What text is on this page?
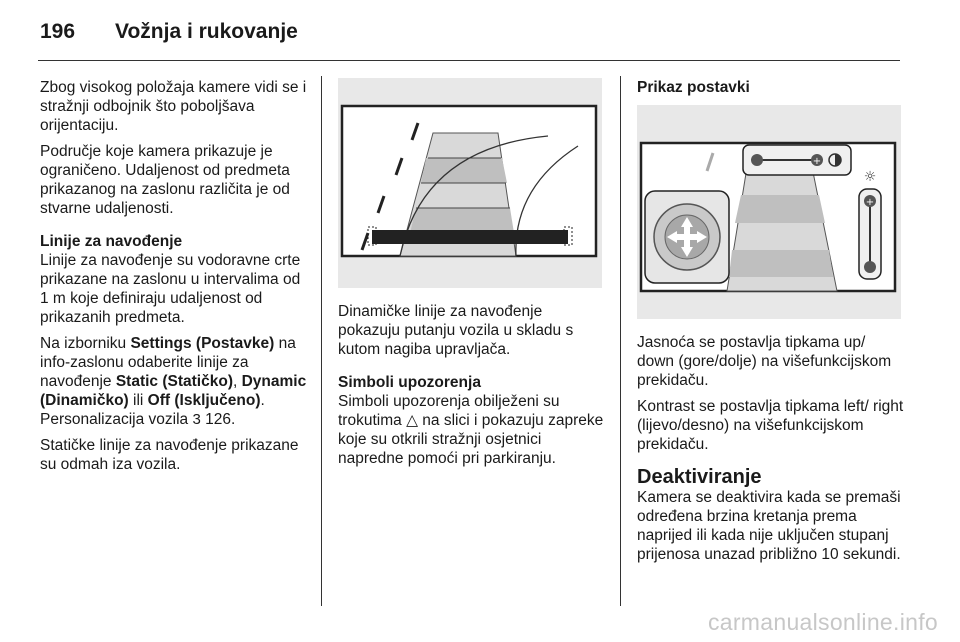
196 Vožnja i rukovanje

Zbog visokog položaja kamere vidi se i stražnji odbojnik što poboljšava orijentaciju.

Područje koje kamera prikazuje je ograničeno. Udaljenost od predmeta prikazanog na zaslonu različita je od stvarne udaljenosti.

Linije za navođenje
Linije za navođenje su vodoravne crte prikazane na zaslonu u intervalima od 1 m koje definiraju udaljenost od prikazanih predmeta.

Na izborniku Settings (Postavke) na info-zaslonu odaberite linije za navođenje Static (Statičko), Dynamic (Dinamičko) ili Off (Isključeno).
Personalizacija vozila 3 126.

Statičke linije za navođenje prikazane su odmah iza vozila.

Dinamičke linije za navođenje pokazuju putanju vozila u skladu s kutom nagiba upravljača.

Simboli upozorenja
Simboli upozorenja obilježeni su trokutima △ na slici i pokazuju zapreke koje su otkrili stražnji osjetnici napredne pomoći pri parkiranju.

Prikaz postavki

+
☼
+

Jasnoća se postavlja tipkama up/ down (gore/dolje) na višefunkcijskom prekidaču.

Kontrast se postavlja tipkama left/ right (lijevo/desno) na višefunkcijskom prekidaču.

Deaktiviranje

Kamera se deaktivira kada se premaši određena brzina kretanja prema naprijed ili kada nije uključen stupanj prijenosa unazad približno 10 sekundi.

carmanualsonline.info
